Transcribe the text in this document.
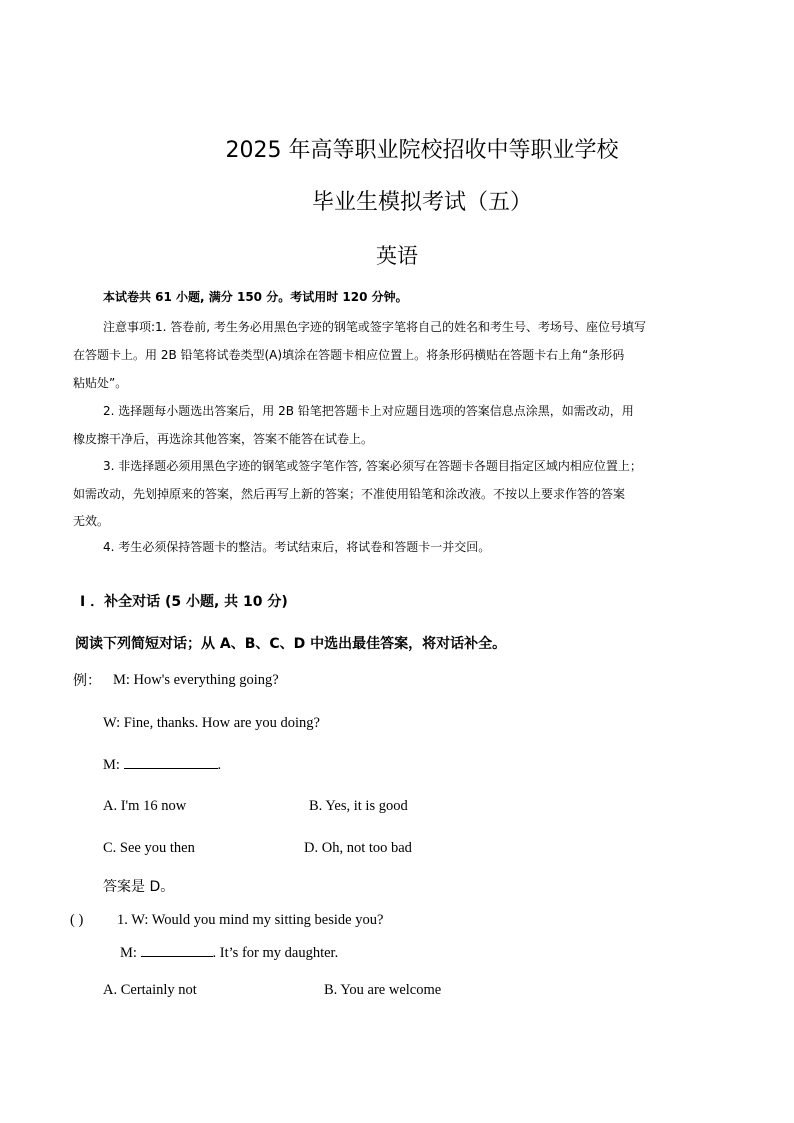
2025 年高等职业院校招收中等职业学校
毕业生模拟考试（五）
英语
本试卷共 61 小题, 满分 150 分。考试用时 120 分钟。
注意事项:1. 答卷前, 考生务必用黑色字迹的钢笔或签字笔将自己的姓名和考生号、考场号、座位号填写
在答题卡上。用 2B 铅笔将试卷类型(A)填涂在答题卡相应位置上。将条形码横贴在答题卡右上角“条形码
粘贴处”。
2. 选择题每小题选出答案后，用 2B 铅笔把答题卡上对应题目选项的答案信息点涂黑，如需改动，用
橡皮擦干净后，再选涂其他答案，答案不能答在试卷上。
3. 非选择题必须用黑色字迹的钢笔或签字笔作答, 答案必须写在答题卡各题目指定区域内相应位置上；
如需改动，先划掉原来的答案，然后再写上新的答案；不准使用铅笔和涂改液。不按以上要求作答的答案
无效。
4. 考生必须保持答题卡的整洁。考试结束后，将试卷和答题卡一并交回。
Ⅰ ．补全对话 (5 小题, 共 10 分)
阅读下列简短对话；从 A、B、C、D 中选出最佳答案，将对话补全。
例： M: How's everything going?
W: Fine, thanks. How are you doing?
M:	.
A. I'm 16 now	B. Yes, it is good
C. See you then	D. Oh, not too bad
答案是 D。
( ) 1. W: Would you mind my sitting beside you?
M:	. It’s for my daughter.
A. Certainly not	B. You are welcome
